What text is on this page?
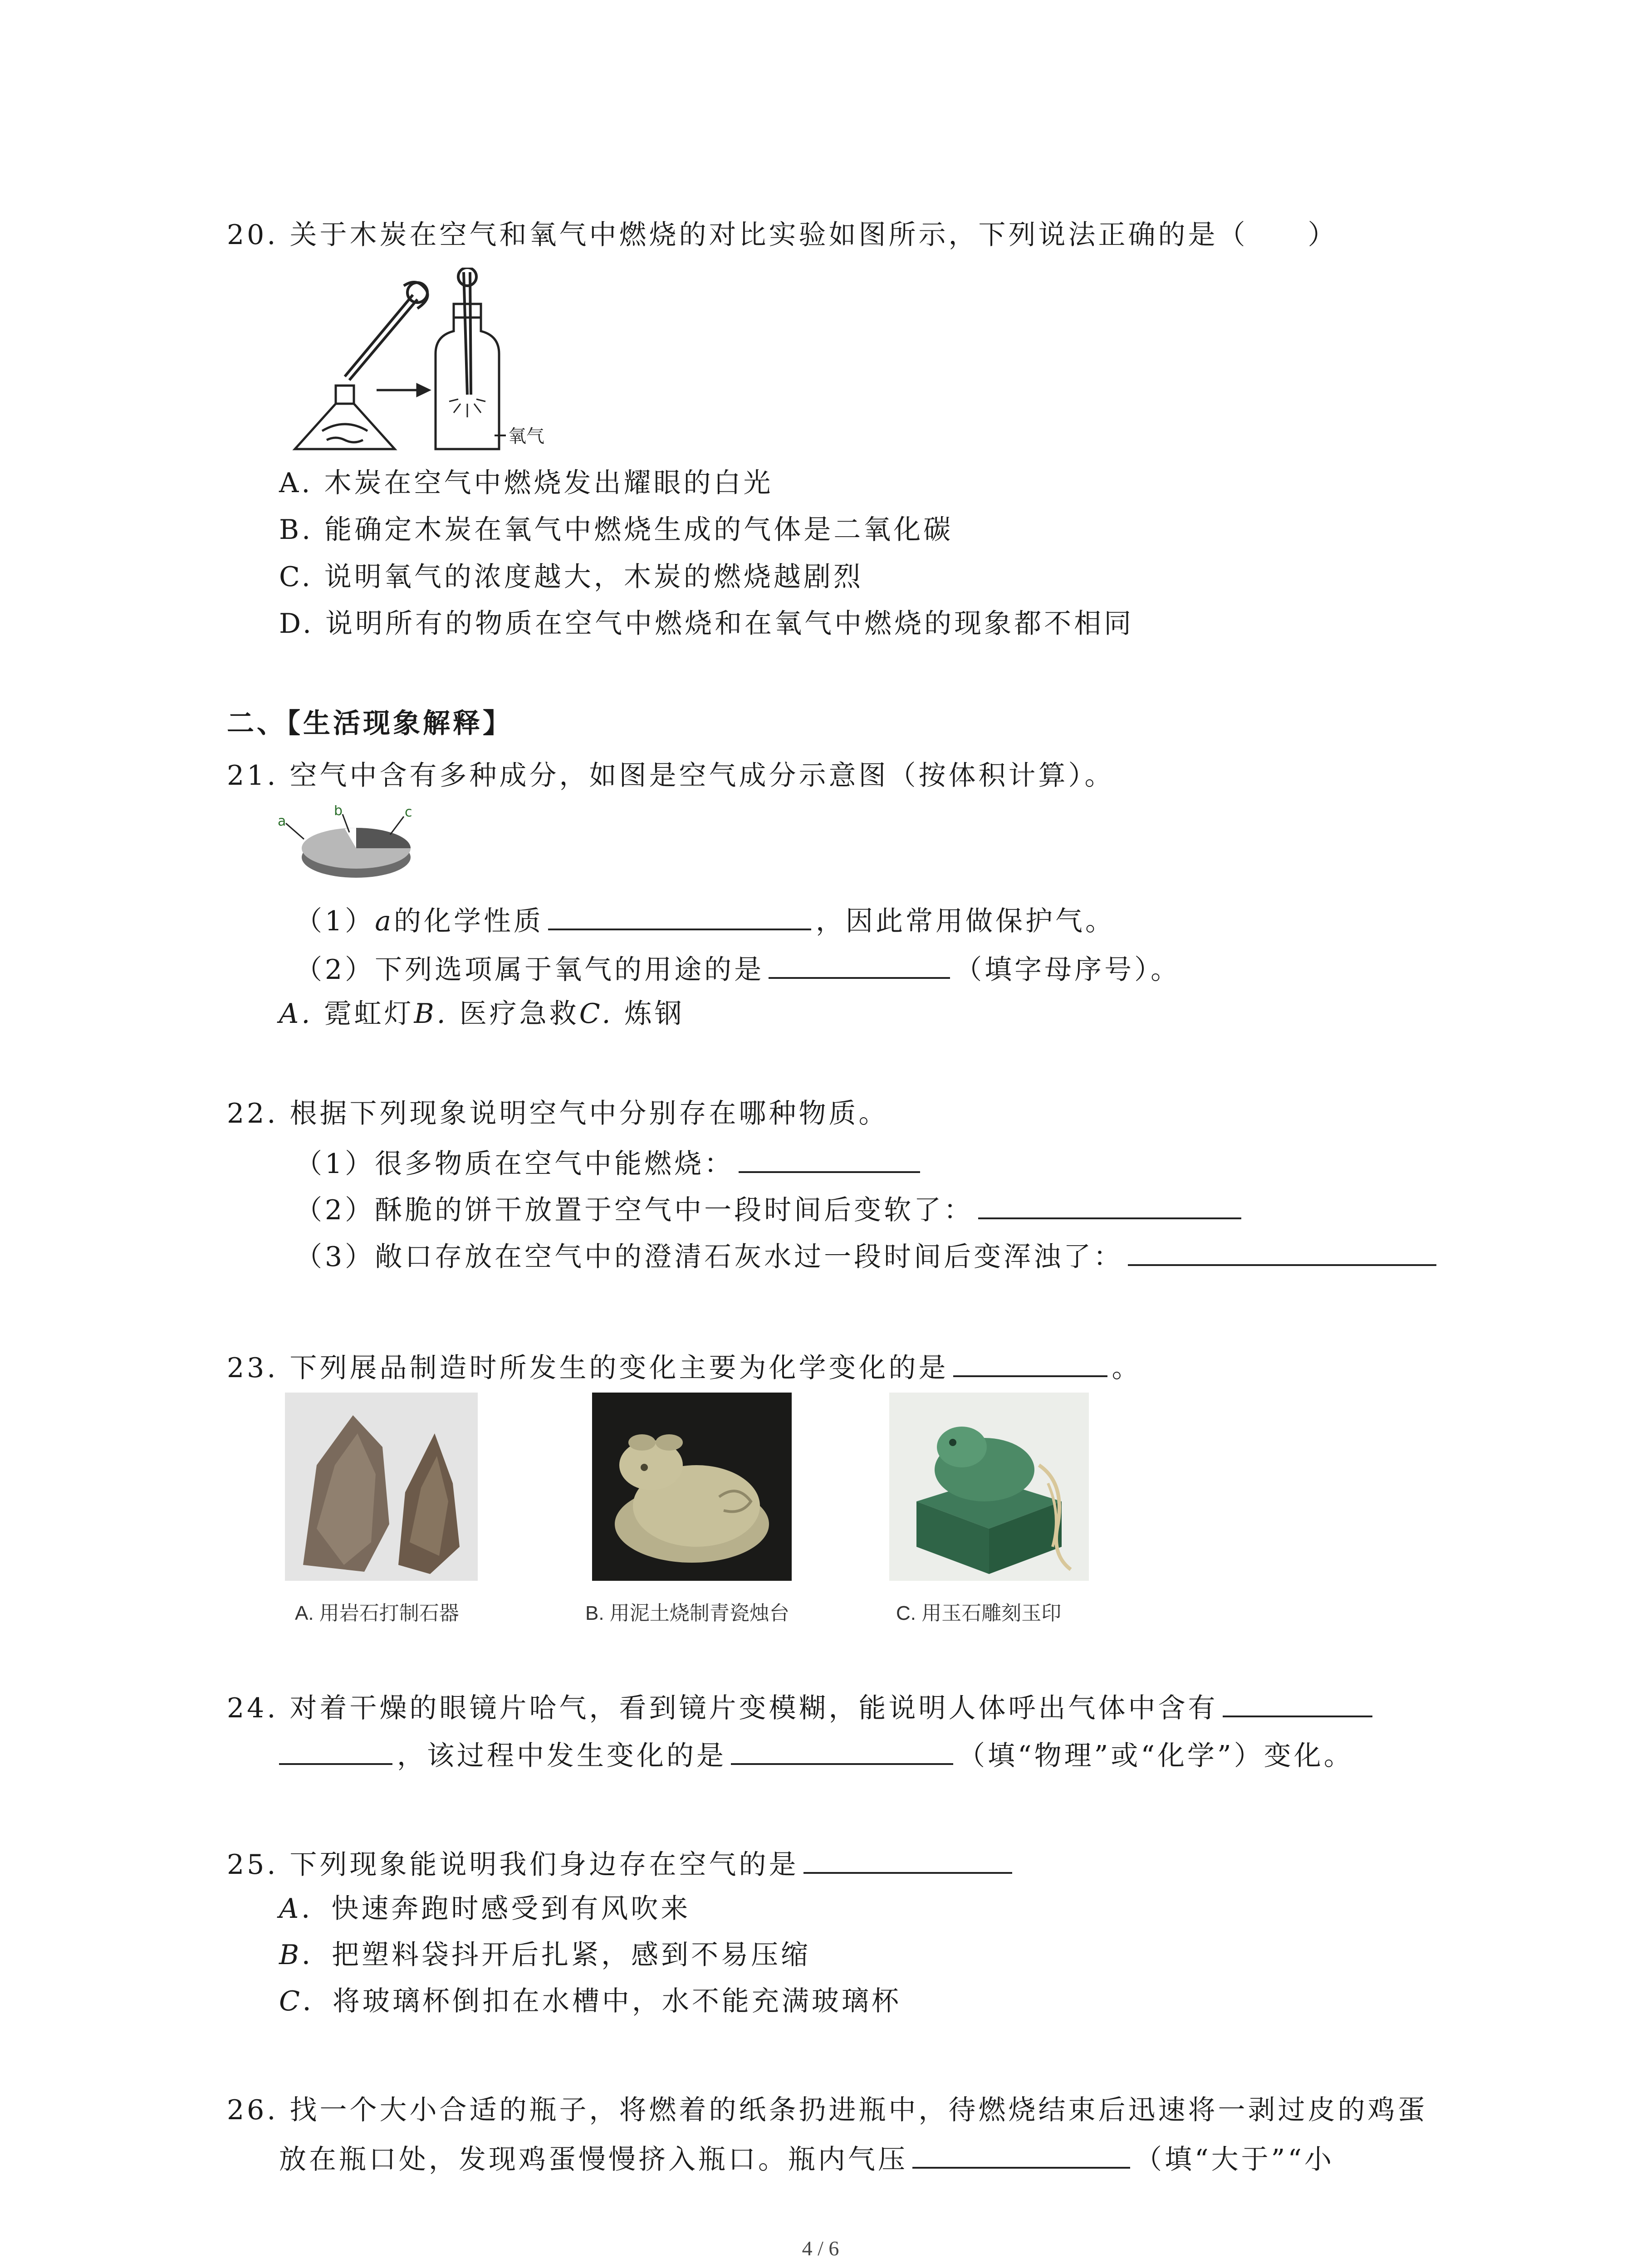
20. 关于木炭在空气和氧气中燃烧的对比实验如图所示，下列说法正确的是（　　）
氧气
A. 木炭在空气中燃烧发出耀眼的白光
B. 能确定木炭在氧气中燃烧生成的气体是二氧化碳
C. 说明氧气的浓度越大，木炭的燃烧越剧烈
D. 说明所有的物质在空气中燃烧和在氧气中燃烧的现象都不相同
二、【生活现象解释】
21. 空气中含有多种成分，如图是空气成分示意图（按体积计算）。
a
b	c
（1）a的化学性质	，因此常用做保护气。
（2）下列选项属于氧气的用途的是	（填字母序号）。
A. 霓虹灯B. 医疗急救C. 炼钢
22. 根据下列现象说明空气中分别存在哪种物质。
（1）很多物质在空气中能燃烧：
（2）酥脆的饼干放置于空气中一段时间后变软了：
（3）敞口存放在空气中的澄清石灰水过一段时间后变浑浊了：
23. 下列展品制造时所发生的变化主要为化学变化的是	。
A. 用岩石打制石器	B. 用泥土烧制青瓷烛台	C. 用玉石雕刻玉印
24. 对着干燥的眼镜片哈气，看到镜片变模糊，能说明人体呼出气体中含有
，该过程中发生变化的是	（填“物理”或“化学”）变化。
25. 下列现象能说明我们身边存在空气的是
A．快速奔跑时感受到有风吹来
B．把塑料袋抖开后扎紧，感到不易压缩
C．将玻璃杯倒扣在水槽中，水不能充满玻璃杯
26. 找一个大小合适的瓶子，将燃着的纸条扔进瓶中，待燃烧结束后迅速将一剥过皮的鸡蛋
放在瓶口处，发现鸡蛋慢慢挤入瓶口。瓶内气压	（填“大于”“小
4 / 6
